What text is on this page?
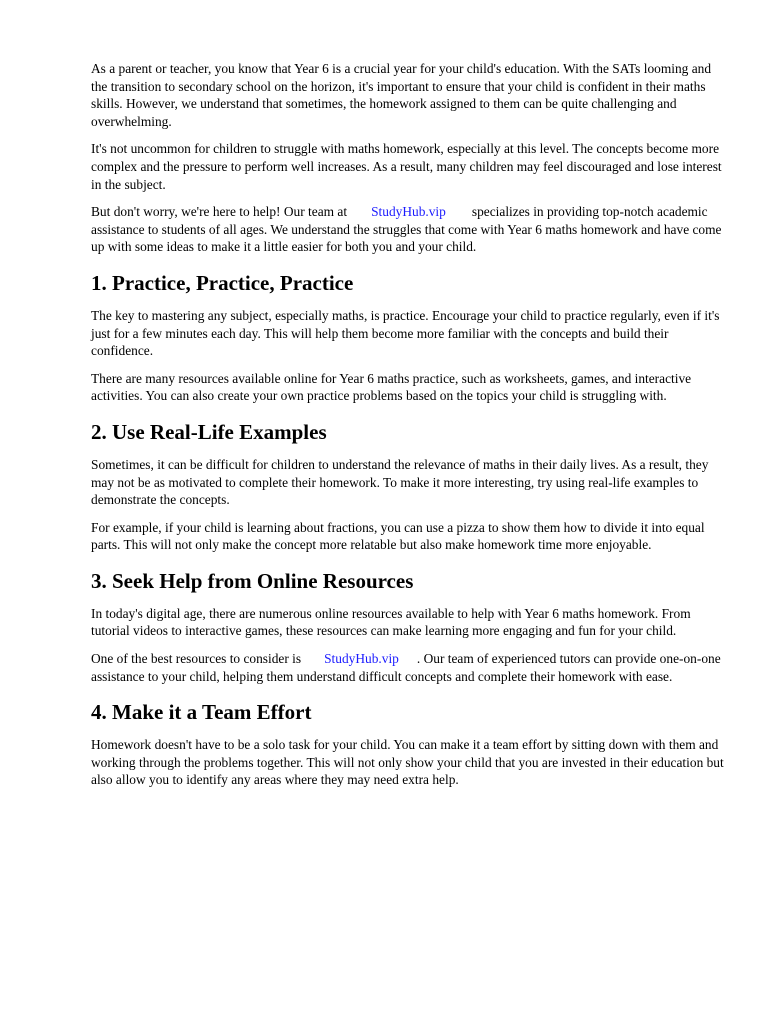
As a parent or teacher, you know that Year 6 is a crucial year for your child's education. With the SATs looming and the transition to secondary school on the horizon, it's important to ensure that your child is confident in their maths skills. However, we understand that sometimes, the homework assigned to them can be quite challenging and overwhelming.

It's not uncommon for children to struggle with maths homework, especially at this level. The concepts become more complex and the pressure to perform well increases. As a result, many children may feel discouraged and lose interest in the subject.

But don't worry, we're here to help! Our team at StudyHub.vip specializes in providing top-notch academic assistance to students of all ages. We understand the struggles that come with Year 6 maths homework and have come up with some ideas to make it a little easier for both you and your child.

1. Practice, Practice, Practice

The key to mastering any subject, especially maths, is practice. Encourage your child to practice regularly, even if it's just for a few minutes each day. This will help them become more familiar with the concepts and build their confidence.

There are many resources available online for Year 6 maths practice, such as worksheets, games, and interactive activities. You can also create your own practice problems based on the topics your child is struggling with.

2. Use Real-Life Examples

Sometimes, it can be difficult for children to understand the relevance of maths in their daily lives. As a result, they may not be as motivated to complete their homework. To make it more interesting, try using real-life examples to demonstrate the concepts.

For example, if your child is learning about fractions, you can use a pizza to show them how to divide it into equal parts. This will not only make the concept more relatable but also make homework time more enjoyable.

3. Seek Help from Online Resources

In today's digital age, there are numerous online resources available to help with Year 6 maths homework. From tutorial videos to interactive games, these resources can make learning more engaging and fun for your child.

One of the best resources to consider is StudyHub.vip . Our team of experienced tutors can provide one-on-one assistance to your child, helping them understand difficult concepts and complete their homework with ease.

4. Make it a Team Effort

Homework doesn't have to be a solo task for your child. You can make it a team effort by sitting down with them and working through the problems together. This will not only show your child that you are invested in their education but also allow you to identify any areas where they may need extra help.
